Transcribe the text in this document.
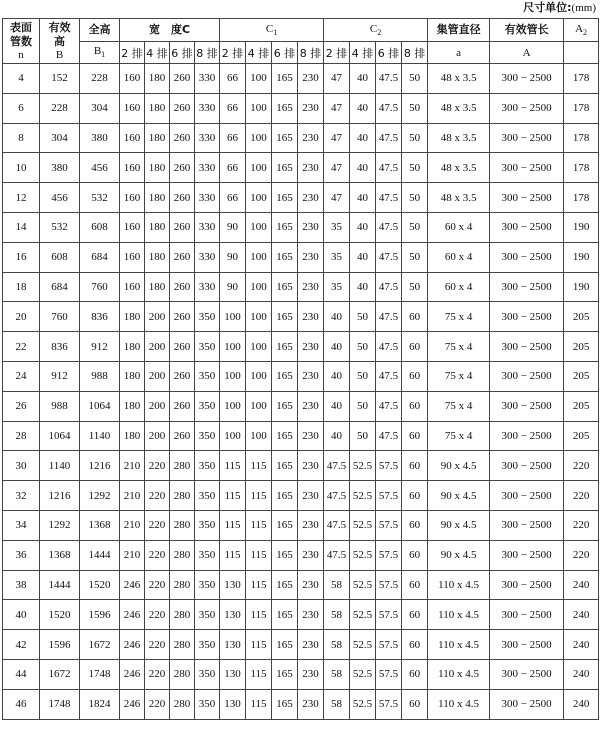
尺寸单位:(mm)
表面
管数
n	有效
高
B	全高	宽　度C				$C_1$				$C_2$				集管直径	有效管长	$A_2$

		$B_1$	2 排	4 排	6 排	8 排	2 排	4 排	6 排	8 排	2 排	4 排	6 排	8 排	a	A	
4	152	228	160	180	260	330	66	100	165	230	47	40	47.5	50	48 x 3.5	300 − 2500	178
6	228	304	160	180	260	330	66	100	165	230	47	40	47.5	50	48 x 3.5	300 − 2500	178
8	304	380	160	180	260	330	66	100	165	230	47	40	47.5	50	48 x 3.5	300 − 2500	178
10	380	456	160	180	260	330	66	100	165	230	47	40	47.5	50	48 x 3.5	300 − 2500	178
12	456	532	160	180	260	330	66	100	165	230	47	40	47.5	50	48 x 3.5	300 − 2500	178
14	532	608	160	180	260	330	90	100	165	230	35	40	47.5	50	60 x 4	300 − 2500	190
16	608	684	160	180	260	330	90	100	165	230	35	40	47.5	50	60 x 4	300 − 2500	190
18	684	760	160	180	260	330	90	100	165	230	35	40	47.5	50	60 x 4	300 − 2500	190
20	760	836	180	200	260	350	100	100	165	230	40	50	47.5	60	75 x 4	300 − 2500	205
22	836	912	180	200	260	350	100	100	165	230	40	50	47.5	60	75 x 4	300 − 2500	205
24	912	988	180	200	260	350	100	100	165	230	40	50	47.5	60	75 x 4	300 − 2500	205
26	988	1064	180	200	260	350	100	100	165	230	40	50	47.5	60	75 x 4	300 − 2500	205
28	1064	1140	180	200	260	350	100	100	165	230	40	50	47.5	60	75 x 4	300 − 2500	205
30	1140	1216	210	220	280	350	115	115	165	230	47.5	52.5	57.5	60	90 x 4.5	300 − 2500	220
32	1216	1292	210	220	280	350	115	115	165	230	47.5	52.5	57.5	60	90 x 4.5	300 − 2500	220
34	1292	1368	210	220	280	350	115	115	165	230	47.5	52.5	57.5	60	90 x 4.5	300 − 2500	220
36	1368	1444	210	220	280	350	115	115	165	230	47.5	52.5	57.5	60	90 x 4.5	300 − 2500	220
38	1444	1520	246	220	280	350	130	115	165	230	58	52.5	57.5	60	110 x 4.5	300 − 2500	240
40	1520	1596	246	220	280	350	130	115	165	230	58	52.5	57.5	60	110 x 4.5	300 − 2500	240
42	1596	1672	246	220	280	350	130	115	165	230	58	52.5	57.5	60	110 x 4.5	300 − 2500	240
44	1672	1748	246	220	280	350	130	115	165	230	58	52.5	57.5	60	110 x 4.5	300 − 2500	240
46	1748	1824	246	220	280	350	130	115	165	230	58	52.5	57.5	60	110 x 4.5	300 − 2500	240
